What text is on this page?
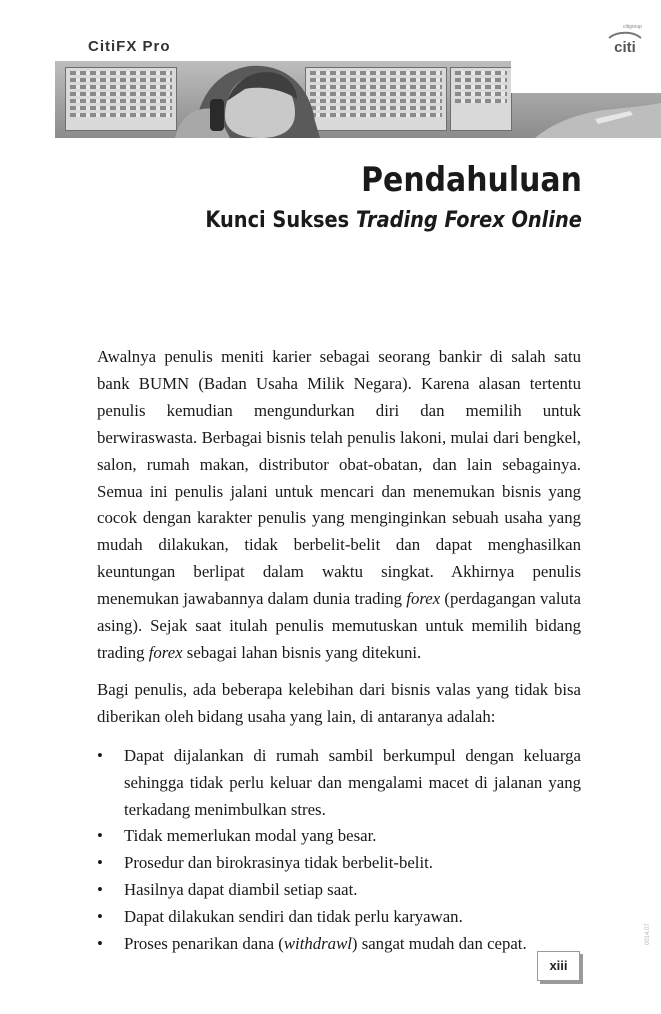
CitiFX Pro
citigroup
citi
Pendahuluan
Kunci Sukses Trading Forex Online

Awalnya penulis meniti karier sebagai seorang bankir di salah satu bank BUMN (Badan Usaha Milik Negara). Karena alasan tertentu penulis kemudian mengundurkan diri dan memilih untuk berwiraswasta. Berbagai bisnis telah penulis lakoni, mulai dari bengkel, salon, rumah makan, distributor obat-obatan, dan lain sebagainya. Semua ini penulis jalani untuk mencari dan menemukan bisnis yang cocok dengan karakter penulis yang menginginkan sebuah usaha yang mudah dilakukan, tidak berbelit-belit dan dapat menghasilkan keuntungan berlipat dalam waktu singkat. Akhirnya penulis menemukan jawabannya dalam dunia trading forex (perdagangan valuta asing). Sejak saat itulah penulis memutuskan untuk memilih bidang trading forex sebagai lahan bisnis yang ditekuni.

Bagi penulis, ada beberapa kelebihan dari bisnis valas yang tidak bisa diberikan oleh bidang usaha yang lain, di antaranya adalah:

• Dapat dijalankan di rumah sambil berkumpul dengan keluarga sehingga tidak perlu keluar dan mengalami macet di jalanan yang terkadang menimbulkan stres.
• Tidak memerlukan modal yang besar.
• Prosedur dan birokrasinya tidak berbelit-belit.
• Hasilnya dapat diambil setiap saat.
• Dapat dilakukan sendiri dan tidak perlu karyawan.
• Proses penarikan dana (withdrawl) sangat mudah dan cepat.
xiii
0014.07
